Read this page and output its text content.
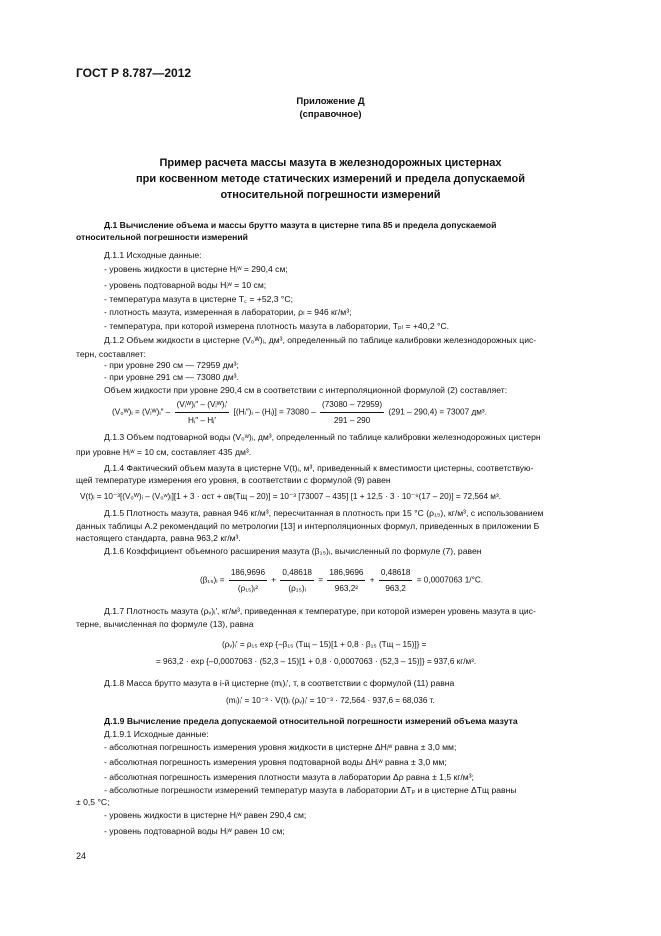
ГОСТ Р 8.787—2012
Приложение Д
(справочное)
Пример расчета массы мазута в железнодорожных цистернах
при косвенном методе статических измерений и предела допускаемой
относительной погрешности измерений
Д.1 Вычисление объема и массы брутто мазута в цистерне типа 85 и предела допускаемой
относительной погрешности измерений
Д.1.1 Исходные данные:
- уровень жидкости в цистерне Hᵢʷ = 290,4 см;
- уровень подтоварной воды Hᵢʷ = 10 см;
- температура мазута в цистерне T꜀ = +52,3 °C;
- плотность мазута, измеренная в лаборатории, ρₗ = 946 кг/м³;
- температура, при которой измерена плотность мазута в лаборатории, Tₚₗ = +40,2 °C.
Д.1.2 Объем жидкости в цистерне (V₀ᵂ)ᵢ, дм³, определенный по таблице калибровки железнодорожных цис-
терн, составляет:
- при уровне 290 см — 72959 дм³;
- при уровне 291 см — 73080 дм³.
Объем жидкости при уровне 290,4 см в соответствии с интерполяционной формулой (2) составляет:
(V₀ᵂ)ᵢ = (Vᵢᵂ)ᵢ″ – $\frac{\text{(Vᵢᵂ)ᵢ″ – (Vᵢᵂ)ᵢ′}}{\text{Hᵢ″ – Hᵢ′}}$ [(Hᵢ″)ᵢ – (Hᵢ)] = $73080 - \frac{(73080 - 72959)}{291 - 290} (291 - 290,4) = 73007$ дм³.
Д.1.3 Объем подтоварной воды (V₀ʷ)ᵢ, дм³, определенный по таблице калибровки железнодорожных цистерн
при уровне Hᵢʷ = 10 см, составляет 435 дм³.
Д.1.4 Фактический объем мазута в цистерне V(t)ᵢ, м³, приведенный к вместимости цистерны, соответствую-
щей температуре измерения его уровня, в соответствии с формулой (9) равен
V(t)ᵢ = 10⁻³[(V₀ᵂ)ᵢ – (V₀ʷ)ᵢ][1 + 3 · αст + αв(Tщ – 20)] = 10⁻³ [73007 – 435] [1 + 12,5 · 3 · 10⁻⁶(17 – 20)] = 72,564 м³.
Д.1.5 Плотность мазута, равная 946 кг/м³, пересчитанная в плотность при 15 °C (ρ₁₅), кг/м³, с использованием
данных таблицы А.2 рекомендаций по метрологии [13] и интерполяционных формул, приведенных в приложении Б
настоящего стандарта, равна 963,2 кг/м³.
Д.1.6 Коэффициент объемного расширения мазута (β₁₅)ᵢ, вычисленный по формуле (7), равен
(β₁₅)ᵢ = $\frac{186,9696}{\text{(ρ₁₅)ᵢ²}} + \frac{0,48618}{\text{(ρ₁₅)ᵢ}} = \frac{186,9696}{\text{963,2²}} + \frac{0,48618}{963,2} = 0,0007063$ 1/°C.
Д.1.7 Плотность мазута (ρᵥ)ᵢ′, кг/м³, приведенная к температуре, при которой измерен уровень мазута в цис-
терне, вычисленная по формуле (13), равна
(ρᵥ)ᵢ′ = ρ₁₅ exp {–β₁₅ (Tщ – 15)[1 + 0,8 · β₁₅ (Tщ – 15)]} =
= 963,2 · exp {–0,0007063 · (52,3 – 15)[1 + 0,8 · 0,0007063 · (52,3 – 15)]} = 937,6 кг/м³.
Д.1.8 Масса брутто мазута в i-й цистерне (mᵢ)ᵢ′, т, в соответствии с формулой (11) равна
(mᵢ)ᵢ′ = 10⁻³ · V(t)ᵢ (ρᵥ)ᵢ′ = 10⁻³ · 72,564 · 937,6 = 68,036 т.
Д.1.9 Вычисление предела допускаемой относительной погрешности измерений объема мазута
Д.1.9.1 Исходные данные:
- абсолютная погрешность измерения уровня жидкости в цистерне ΔHᵢʷ равна ± 3,0 мм;
- абсолютная погрешность измерения уровня подтоварной воды ΔHᵢʷ равна ± 3,0 мм;
- абсолютная погрешность измерения плотности мазута в лаборатории Δρ равна ± 1,5 кг/м³;
- абсолютные погрешности измерений температур мазута в лаборатории ΔTₚ и в цистерне ΔTщ равны
± 0,5 °C;
- уровень жидкости в цистерне Hᵢʷ равен 290,4 см;
- уровень подтоварной воды Hᵢʷ равен 10 см;
24
